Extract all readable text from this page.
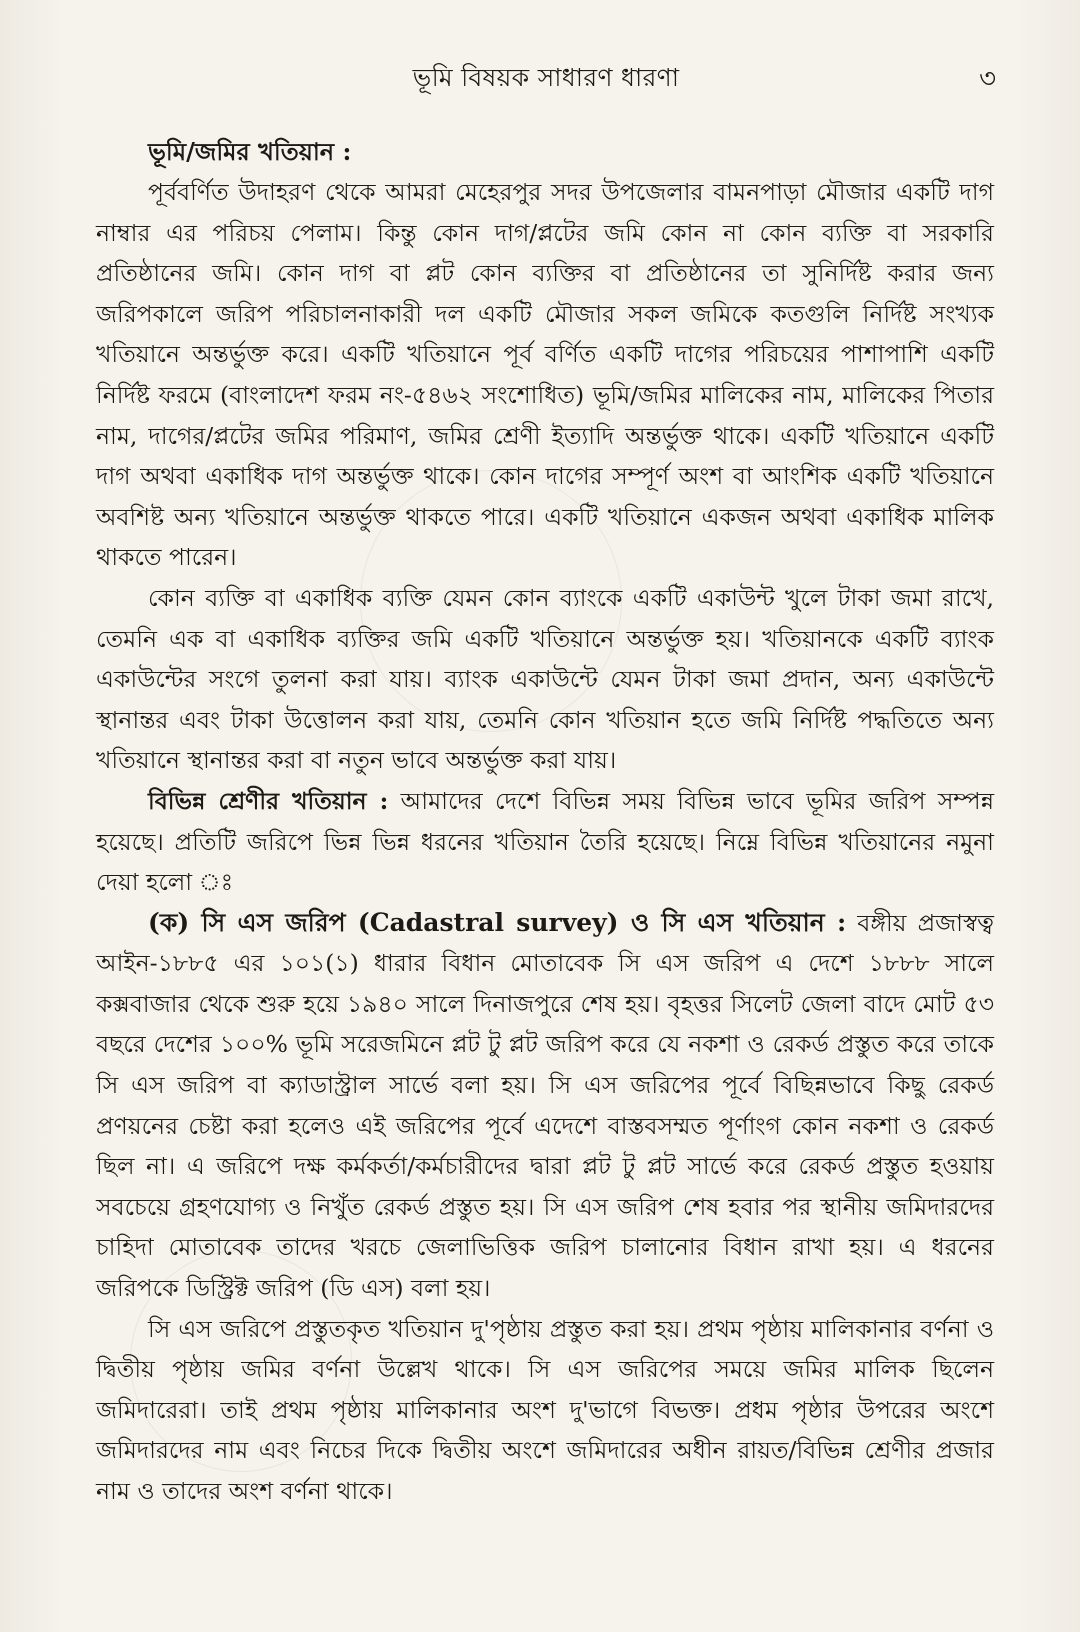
ভূমি বিষয়ক সাধারণ ধারণা	৩

ভূমি/জমির খতিয়ান :

পূর্ববর্ণিত উদাহরণ থেকে আমরা মেহেরপুর সদর উপজেলার বামনপাড়া মৌজার একটি দাগ নাম্বার এর পরিচয় পেলাম। কিন্তু কোন দাগ/প্লটের জমি কোন না কোন ব্যক্তি বা সরকারি প্রতিষ্ঠানের জমি। কোন দাগ বা প্লট কোন ব্যক্তির বা প্রতিষ্ঠানের তা সুনির্দিষ্ট করার জন্য জরিপকালে জরিপ পরিচালনাকারী দল একটি মৌজার সকল জমিকে কতগুলি নির্দিষ্ট সংখ্যক খতিয়ানে অন্তর্ভুক্ত করে। একটি খতিয়ানে পূর্ব বর্ণিত একটি দাগের পরিচয়ের পাশাপাশি একটি নির্দিষ্ট ফরমে (বাংলাদেশ ফরম নং-৫৪৬২ সংশোধিত) ভূমি/জমির মালিকের নাম, মালিকের পিতার নাম, দাগের/প্লটের জমির পরিমাণ, জমির শ্রেণী ইত্যাদি অন্তর্ভুক্ত থাকে। একটি খতিয়ানে একটি দাগ অথবা একাধিক দাগ অন্তর্ভুক্ত থাকে। কোন দাগের সম্পূর্ণ অংশ বা আংশিক একটি খতিয়ানে অবশিষ্ট অন্য খতিয়ানে অন্তর্ভুক্ত থাকতে পারে। একটি খতিয়ানে একজন অথবা একাধিক মালিক থাকতে পারেন।

কোন ব্যক্তি বা একাধিক ব্যক্তি যেমন কোন ব্যাংকে একটি একাউন্ট খুলে টাকা জমা রাখে, তেমনি এক বা একাধিক ব্যক্তির জমি একটি খতিয়ানে অন্তর্ভুক্ত হয়। খতিয়ানকে একটি ব্যাংক একাউন্টের সংগে তুলনা করা যায়। ব্যাংক একাউন্টে যেমন টাকা জমা প্রদান, অন্য একাউন্টে স্থানান্তর এবং টাকা উত্তোলন করা যায়, তেমনি কোন খতিয়ান হতে জমি নির্দিষ্ট পদ্ধতিতে অন্য খতিয়ানে স্থানান্তর করা বা নতুন ভাবে অন্তর্ভুক্ত করা যায়।

বিভিন্ন শ্রেণীর খতিয়ান : আমাদের দেশে বিভিন্ন সময় বিভিন্ন ভাবে ভূমির জরিপ সম্পন্ন হয়েছে। প্রতিটি জরিপে ভিন্ন ভিন্ন ধরনের খতিয়ান তৈরি হয়েছে। নিম্নে বিভিন্ন খতিয়ানের নমুনা দেয়া হলো ঃ

(ক) সি এস জরিপ (Cadastral survey) ও সি এস খতিয়ান : বঙ্গীয় প্রজাস্বত্ব আইন-১৮৮৫ এর ১০১(১) ধারার বিধান মোতাবেক সি এস জরিপ এ দেশে ১৮৮৮ সালে কক্সবাজার থেকে শুরু হয়ে ১৯৪০ সালে দিনাজপুরে শেষ হয়। বৃহত্তর সিলেট জেলা বাদে মোট ৫৩ বছরে দেশের ১০০% ভূমি সরেজমিনে প্লট টু প্লট জরিপ করে যে নকশা ও রেকর্ড প্রস্তুত করে তাকে সি এস জরিপ বা ক্যাডাস্ট্রাল সার্ভে বলা হয়। সি এস জরিপের পূর্বে বিছিন্নভাবে কিছু রেকর্ড প্রণয়নের চেষ্টা করা হলেও এই জরিপের পূর্বে এদেশে বাস্তবসম্মত পূর্ণাংগ কোন নকশা ও রেকর্ড ছিল না। এ জরিপে দক্ষ কর্মকর্তা/কর্মচারীদের দ্বারা প্লট টু প্লট সার্ভে করে রেকর্ড প্রস্তুত হওয়ায় সবচেয়ে গ্রহণযোগ্য ও নিখুঁত রেকর্ড প্রস্তুত হয়। সি এস জরিপ শেষ হবার পর স্থানীয় জমিদারদের চাহিদা মোতাবেক তাদের খরচে জেলাভিত্তিক জরিপ চালানোর বিধান রাখা হয়। এ ধরনের জরিপকে ডিস্ট্রিক্ট জরিপ (ডি এস) বলা হয়।

সি এস জরিপে প্রস্তুতকৃত খতিয়ান দু'পৃষ্ঠায় প্রস্তুত করা হয়। প্রথম পৃষ্ঠায় মালিকানার বর্ণনা ও দ্বিতীয় পৃষ্ঠায় জমির বর্ণনা উল্লেখ থাকে। সি এস জরিপের সময়ে জমির মালিক ছিলেন জমিদারেরা। তাই প্রথম পৃষ্ঠায় মালিকানার অংশ দু'ভাগে বিভক্ত। প্রধম পৃষ্ঠার উপরের অংশে জমিদারদের নাম এবং নিচের দিকে দ্বিতীয় অংশে জমিদারের অধীন রায়ত/বিভিন্ন শ্রেণীর প্রজার নাম ও তাদের অংশ বর্ণনা থাকে।
